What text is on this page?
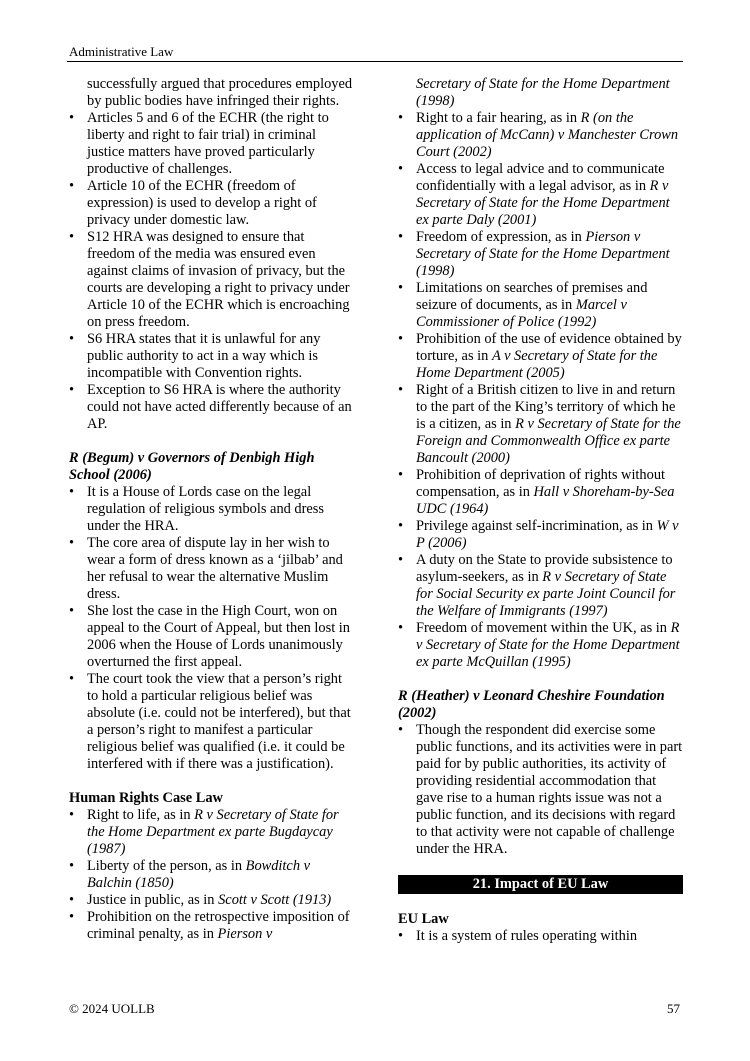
Administrative Law
successfully argued that procedures employed by public bodies have infringed their rights.
• Articles 5 and 6 of the ECHR (the right to liberty and right to fair trial) in criminal justice matters have proved particularly productive of challenges.
• Article 10 of the ECHR (freedom of expression) is used to develop a right of privacy under domestic law.
• S12 HRA was designed to ensure that freedom of the media was ensured even against claims of invasion of privacy, but the courts are developing a right to privacy under Article 10 of the ECHR which is encroaching on press freedom.
• S6 HRA states that it is unlawful for any public authority to act in a way which is incompatible with Convention rights.
• Exception to S6 HRA is where the authority could not have acted differently because of an AP.
R (Begum) v Governors of Denbigh High School (2006)
• It is a House of Lords case on the legal regulation of religious symbols and dress under the HRA.
• The core area of dispute lay in her wish to wear a form of dress known as a ‘jilbab’ and her refusal to wear the alternative Muslim dress.
• She lost the case in the High Court, won on appeal to the Court of Appeal, but then lost in 2006 when the House of Lords unanimously overturned the first appeal.
• The court took the view that a person’s right to hold a particular religious belief was absolute (i.e. could not be interfered), but that a person’s right to manifest a particular religious belief was qualified (i.e. it could be interfered with if there was a justification).
Human Rights Case Law
• Right to life, as in R v Secretary of State for the Home Department ex parte Bugdaycay (1987)
• Liberty of the person, as in Bowditch v Balchin (1850)
• Justice in public, as in Scott v Scott (1913)
• Prohibition on the retrospective imposition of criminal penalty, as in Pierson v
Secretary of State for the Home Department (1998)
• Right to a fair hearing, as in R (on the application of McCann) v Manchester Crown Court (2002)
• Access to legal advice and to communicate confidentially with a legal advisor, as in R v Secretary of State for the Home Department ex parte Daly (2001)
• Freedom of expression, as in Pierson v Secretary of State for the Home Department (1998)
• Limitations on searches of premises and seizure of documents, as in Marcel v Commissioner of Police (1992)
• Prohibition of the use of evidence obtained by torture, as in A v Secretary of State for the Home Department (2005)
• Right of a British citizen to live in and return to the part of the King’s territory of which he is a citizen, as in R v Secretary of State for the Foreign and Commonwealth Office ex parte Bancoult (2000)
• Prohibition of deprivation of rights without compensation, as in Hall v Shoreham-by-Sea UDC (1964)
• Privilege against self-incrimination, as in W v P (2006)
• A duty on the State to provide subsistence to asylum-seekers, as in R v Secretary of State for Social Security ex parte Joint Council for the Welfare of Immigrants (1997)
• Freedom of movement within the UK, as in R v Secretary of State for the Home Department ex parte McQuillan (1995)
R (Heather) v Leonard Cheshire Foundation (2002)
• Though the respondent did exercise some public functions, and its activities were in part paid for by public authorities, its activity of providing residential accommodation that gave rise to a human rights issue was not a public function, and its decisions with regard to that activity were not capable of challenge under the HRA.
21. Impact of EU Law
EU Law
• It is a system of rules operating within
© 2024 UOLLB	57
